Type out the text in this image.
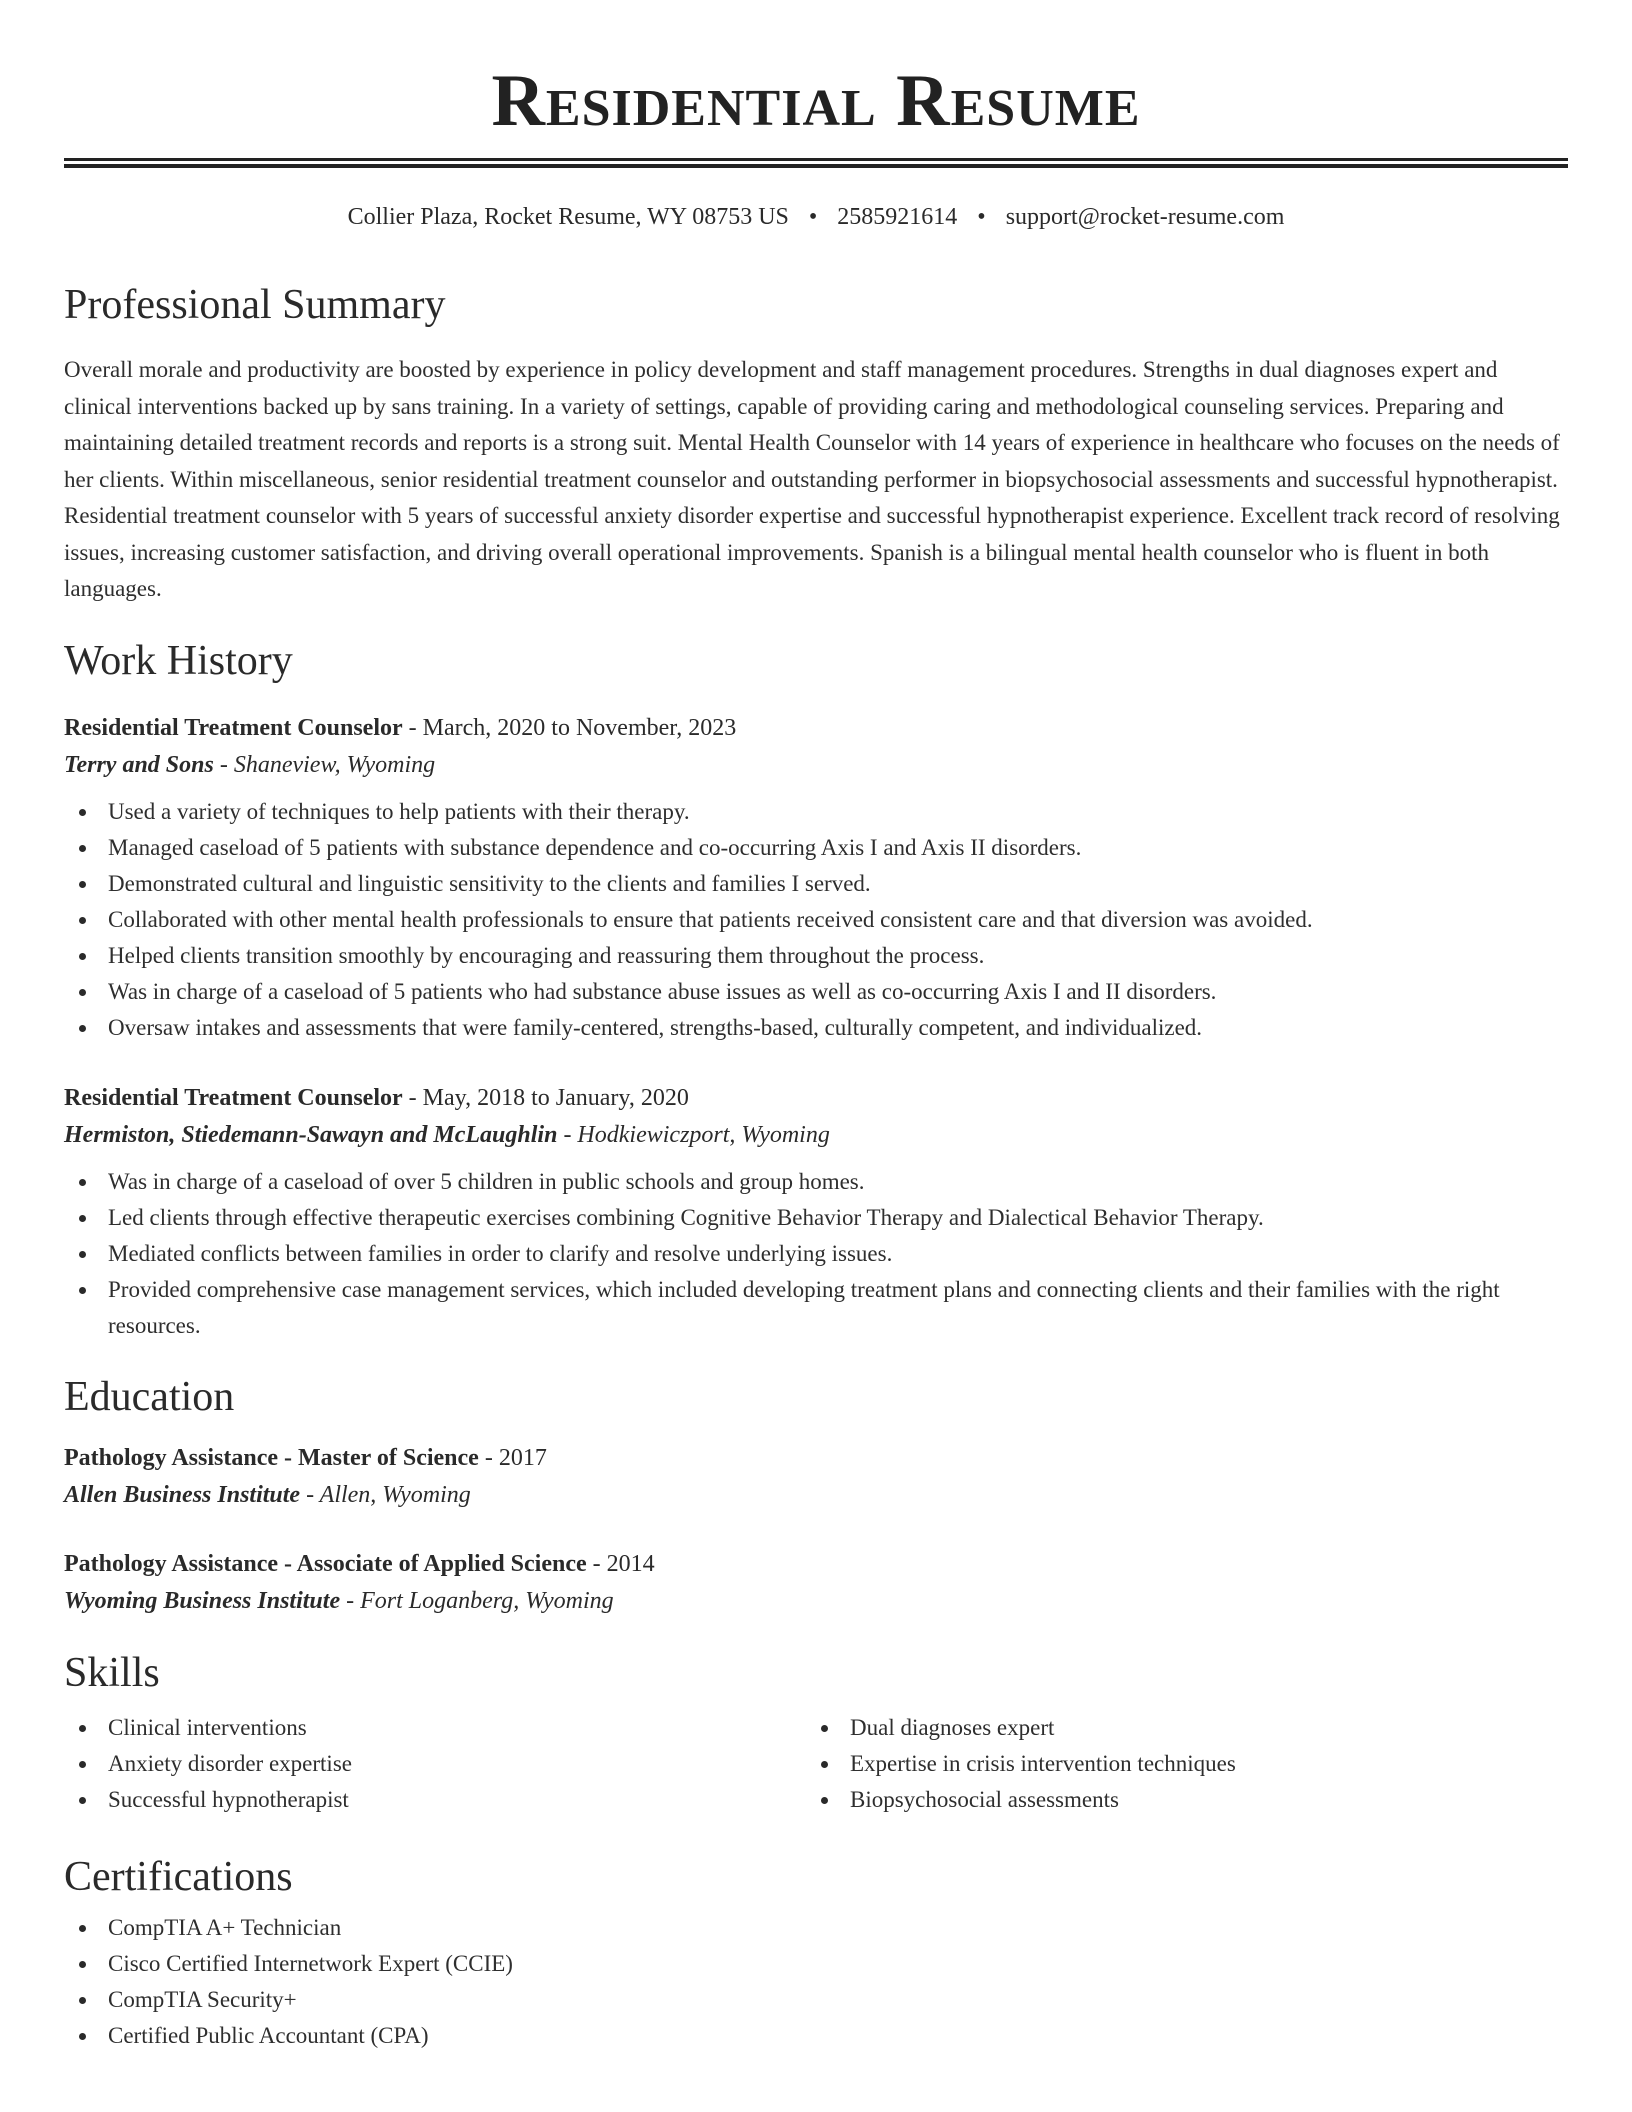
Residential Resume
Collier Plaza, Rocket Resume, WY 08753 US • 2585921614 • support@rocket-resume.com
Professional Summary

Overall morale and productivity are boosted by experience in policy development and staff management procedures. Strengths in dual diagnoses expert and clinical interventions backed up by sans training. In a variety of settings, capable of providing caring and methodological counseling services. Preparing and maintaining detailed treatment records and reports is a strong suit. Mental Health Counselor with 14 years of experience in healthcare who focuses on the needs of her clients. Within miscellaneous, senior residential treatment counselor and outstanding performer in biopsychosocial assessments and successful hypnotherapist. Residential treatment counselor with 5 years of successful anxiety disorder expertise and successful hypnotherapist experience. Excellent track record of resolving issues, increasing customer satisfaction, and driving overall operational improvements. Spanish is a bilingual mental health counselor who is fluent in both languages.

Work History
Residential Treatment Counselor - March, 2020 to November, 2023
Terry and Sons - Shaneview, Wyoming
Used a variety of techniques to help patients with their therapy.
Managed caseload of 5 patients with substance dependence and co-occurring Axis I and Axis II disorders.
Demonstrated cultural and linguistic sensitivity to the clients and families I served.
Collaborated with other mental health professionals to ensure that patients received consistent care and that diversion was avoided.
Helped clients transition smoothly by encouraging and reassuring them throughout the process.
Was in charge of a caseload of 5 patients who had substance abuse issues as well as co-occurring Axis I and II disorders.
Oversaw intakes and assessments that were family-centered, strengths-based, culturally competent, and individualized.
Residential Treatment Counselor - May, 2018 to January, 2020
Hermiston, Stiedemann-Sawayn and McLaughlin - Hodkiewiczport, Wyoming
Was in charge of a caseload of over 5 children in public schools and group homes.
Led clients through effective therapeutic exercises combining Cognitive Behavior Therapy and Dialectical Behavior Therapy.
Mediated conflicts between families in order to clarify and resolve underlying issues.
Provided comprehensive case management services, which included developing treatment plans and connecting clients and their families with the right resources.
Education
Pathology Assistance - Master of Science - 2017
Allen Business Institute - Allen, Wyoming
Pathology Assistance - Associate of Applied Science - 2014
Wyoming Business Institute - Fort Loganberg, Wyoming
Skills
Clinical interventions
Anxiety disorder expertise
Successful hypnotherapist
Dual diagnoses expert
Expertise in crisis intervention techniques
Biopsychosocial assessments
Certifications
CompTIA A+ Technician
Cisco Certified Internetwork Expert (CCIE)
CompTIA Security+
Certified Public Accountant (CPA)
